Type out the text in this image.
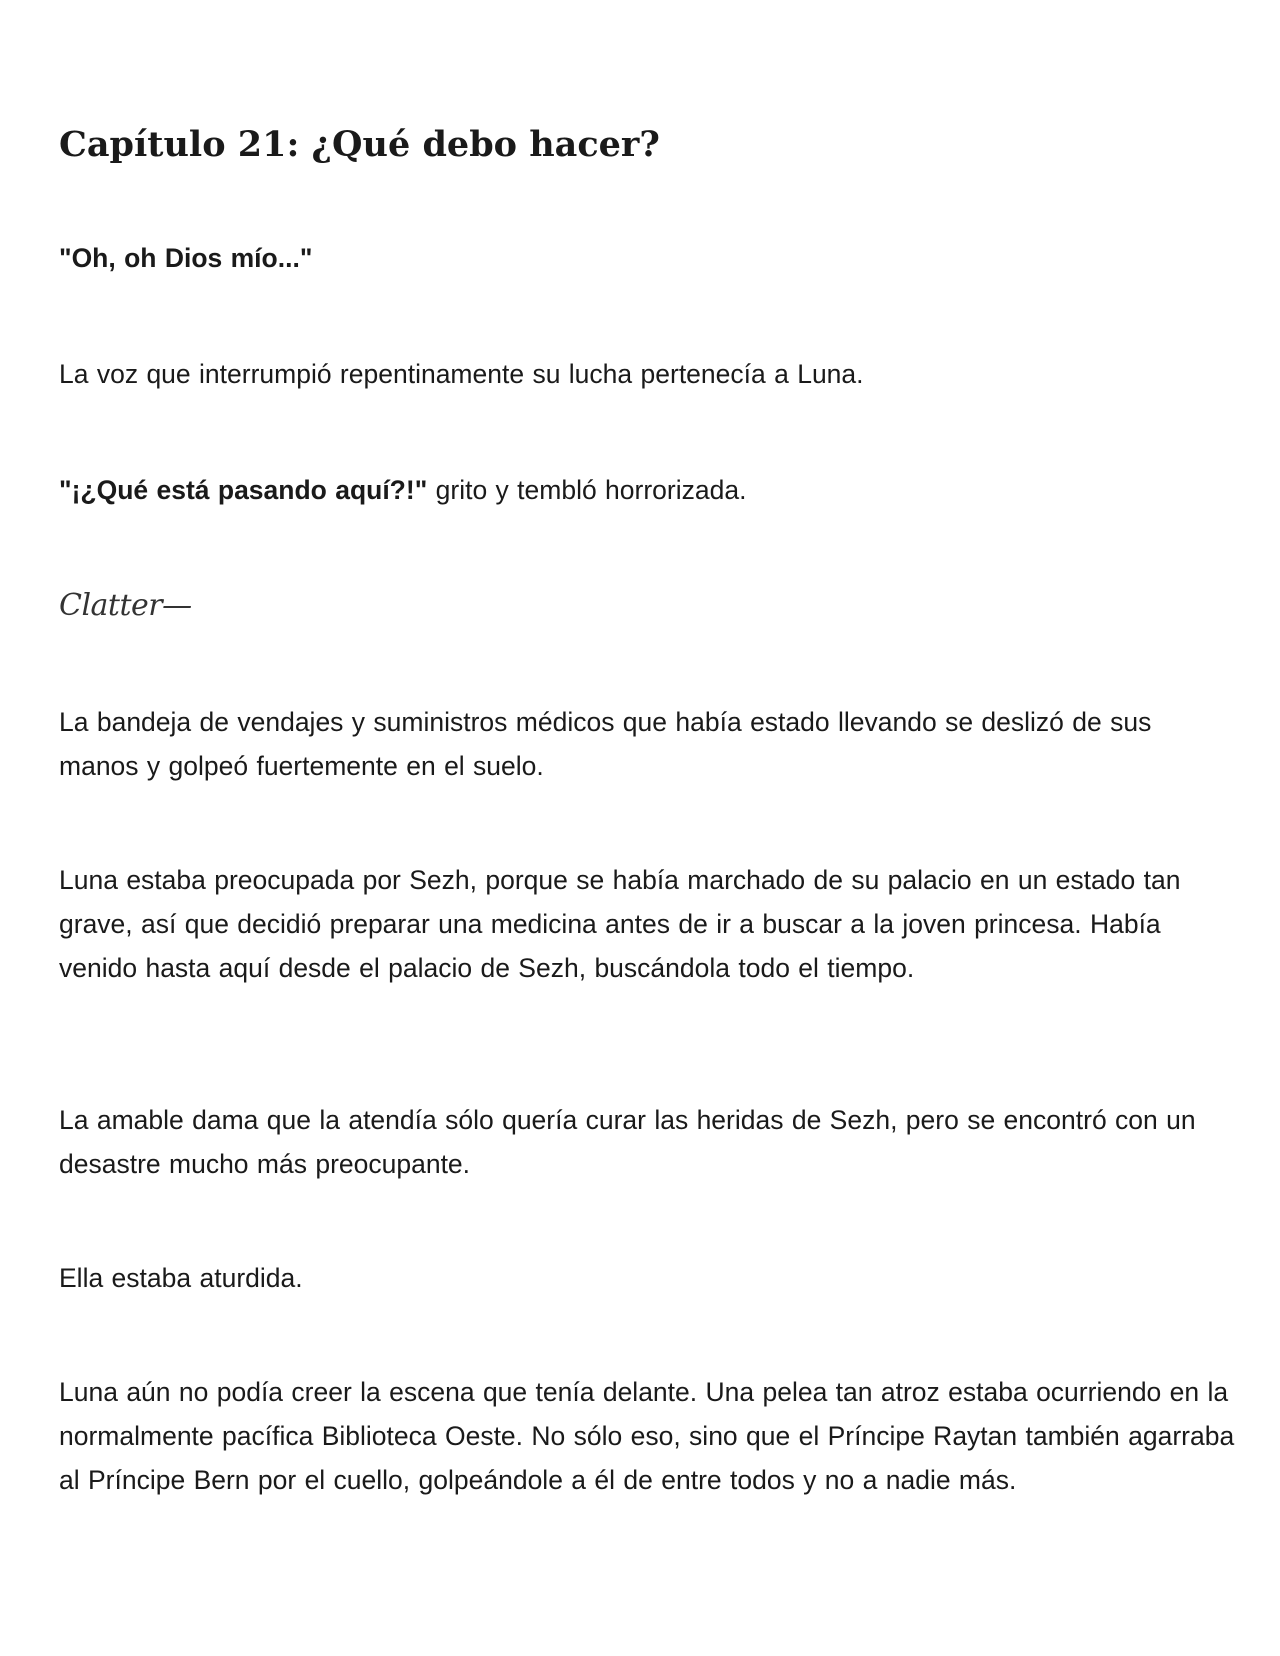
Capítulo 21: ¿Qué debo hacer?

"Oh, oh Dios mío..."

La voz que interrumpió repentinamente su lucha pertenecía a Luna.

"¡¿Qué está pasando aquí?!" grito y tembló horrorizada.

Clatter—

La bandeja de vendajes y suministros médicos que había estado llevando se deslizó de sus manos y golpeó fuertemente en el suelo.

Luna estaba preocupada por Sezh, porque se había marchado de su palacio en un estado tan grave, así que decidió preparar una medicina antes de ir a buscar a la joven princesa. Había venido hasta aquí desde el palacio de Sezh, buscándola todo el tiempo.

La amable dama que la atendía sólo quería curar las heridas de Sezh, pero se encontró con un desastre mucho más preocupante.

Ella estaba aturdida.

Luna aún no podía creer la escena que tenía delante. Una pelea tan atroz estaba ocurriendo en la normalmente pacífica Biblioteca Oeste. No sólo eso, sino que el Príncipe Raytan también agarraba al Príncipe Bern por el cuello, golpeándole a él de entre todos y no a nadie más.
